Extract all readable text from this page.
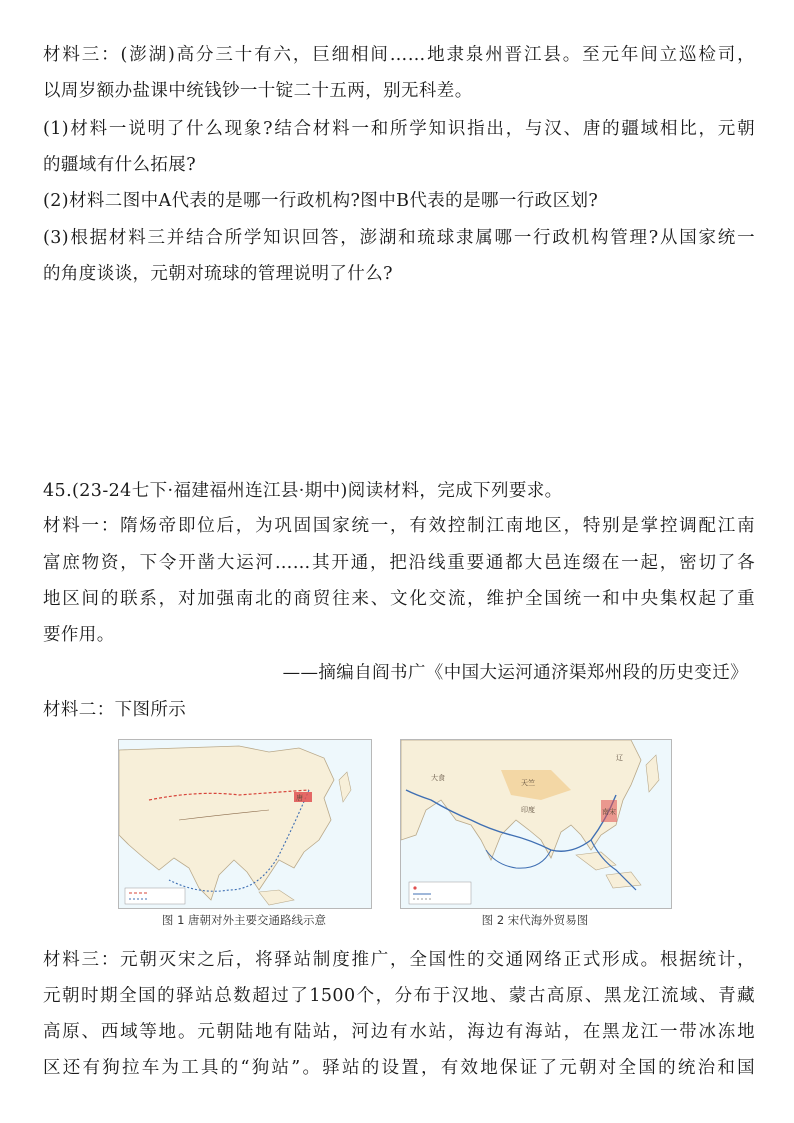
材料三：(澎湖)高分三十有六，巨细相间……地隶泉州晋江县。至元年间立巡检司，
以周岁额办盐课中统钱钞一十锭二十五两，别无科差。
(1)材料一说明了什么现象?结合材料一和所学知识指出，与汉、唐的疆域相比，元朝
的疆域有什么拓展?
(2)材料二图中A代表的是哪一行政机构?图中B代表的是哪一行政区划?
(3)根据材料三并结合所学知识回答，澎湖和琉球隶属哪一行政机构管理?从国家统一
的角度谈谈，元朝对琉球的管理说明了什么?
45.(23-24七下·福建福州连江县·期中)阅读材料，完成下列要求。
材料一：隋炀帝即位后，为巩固国家统一，有效控制江南地区，特别是掌控调配江南
富庶物资，下令开凿大运河……其开通，把沿线重要通都大邑连缀在一起，密切了各
地区间的联系，对加强南北的商贸往来、文化交流，维护全国统一和中央集权起了重
要作用。
——摘编自阎书广《中国大运河通济渠郑州段的历史变迁》
材料二：下图所示
唐
大食
天竺
印度	南宋
辽
图 1 唐朝对外主要交通路线示意	图 2 宋代海外贸易图
材料三：元朝灭宋之后，将驿站制度推广，全国性的交通网络正式形成。根据统计，
元朝时期全国的驿站总数超过了1500个，分布于汉地、蒙古高原、黑龙江流域、青藏
高原、西域等地。元朝陆地有陆站，河边有水站，海边有海站，在黑龙江一带冰冻地
区还有狗拉车为工具的“狗站”。驿站的设置，有效地保证了元朝对全国的统治和国
